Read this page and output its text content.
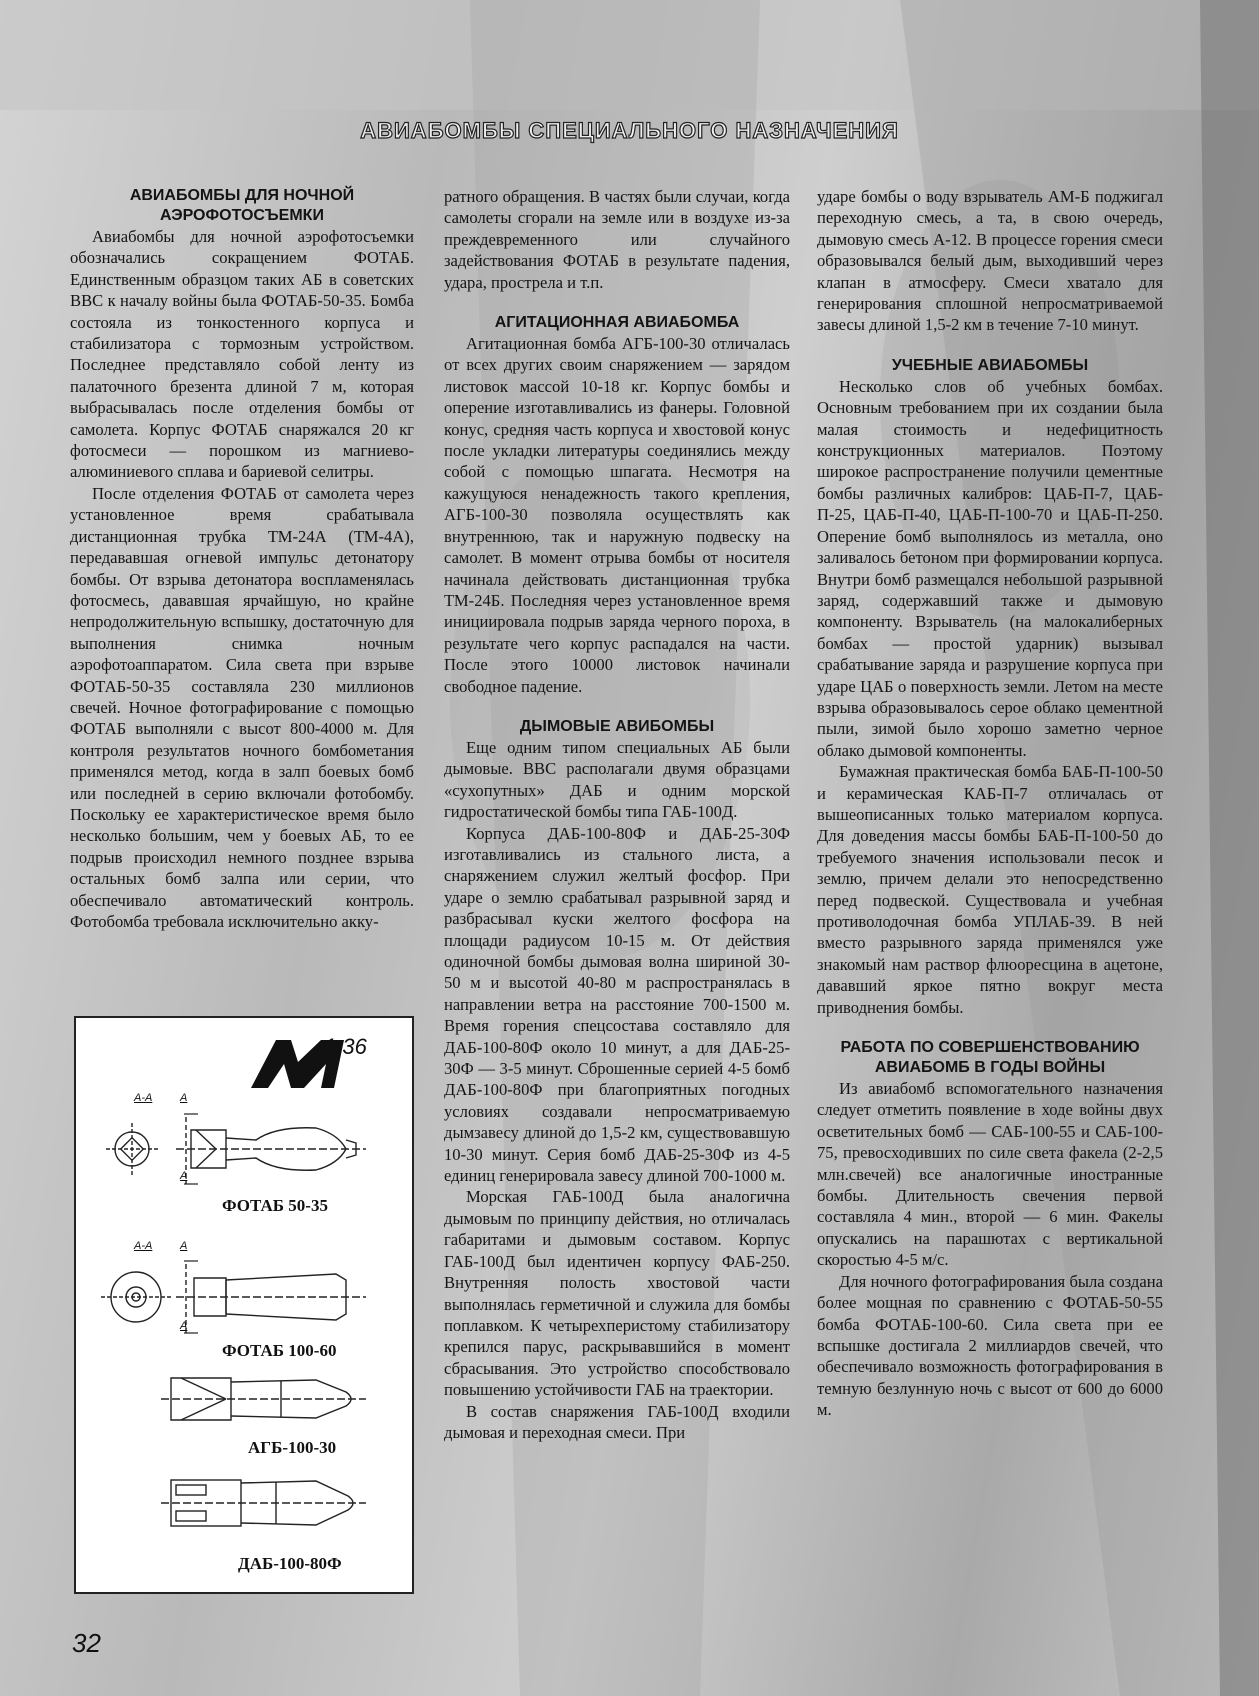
АВИАБОМБЫ СПЕЦИАЛЬНОГО НАЗНАЧЕНИЯ
АВИАБОМБЫ ДЛЯ НОЧНОЙ АЭРОФОТОСЪЕМКИ

Авиабомбы для ночной аэрофотосъемки обозначались сокращением ФОТАБ. Единственным образцом таких АБ в советских ВВС к началу войны была ФОТАБ-50-35. Бомба состояла из тонкостенного корпуса и стабилизатора с тормозным устройством. Последнее представляло собой ленту из палаточного брезента длиной 7 м, которая выбрасывалась после отделения бомбы от самолета. Корпус ФОТАБ снаряжался 20 кг фотосмеси — порошком из магниево-алюминиевого сплава и бариевой селитры.

После отделения ФОТАБ от самолета через установленное время срабатывала дистанционная трубка ТМ-24А (ТМ-4А), передававшая огневой импульс детонатору бомбы. От взрыва детонатора воспламенялась фотосмесь, дававшая ярчайшую, но крайне непродолжительную вспышку, достаточную для выполнения снимка ночным аэрофотоаппаратом. Сила света при взрыве ФОТАБ-50-35 составляла 230 миллионов свечей. Ночное фотографирование с помощью ФОТАБ выполняли с высот 800-4000 м. Для контроля результатов ночного бомбометания применялся метод, когда в залп боевых бомб или последней в серию включали фотобомбу. Поскольку ее характеристическое время было несколько большим, чем у боевых АБ, то ее подрыв происходил немного позднее взрыва остальных бомб залпа или серии, что обеспечивало автоматический контроль. Фотобомба требовала исключительно акку-

ратного обращения. В частях были случаи, когда самолеты сгорали на земле или в воздухе из-за преждевременного или случайного задействования ФОТАБ в результате падения, удара, прострела и т.п.

АГИТАЦИОННАЯ АВИАБОМБА

Агитационная бомба АГБ-100-30 отличалась от всех других своим снаряжением — зарядом листовок массой 10-18 кг. Корпус бомбы и оперение изготавливались из фанеры. Головной конус, средняя часть корпуса и хвостовой конус после укладки литературы соединялись между собой с помощью шпагата. Несмотря на кажущуюся ненадежность такого крепления, АГБ-100-30 позволяла осуществлять как внутреннюю, так и наружную подвеску на самолет. В момент отрыва бомбы от носителя начинала действовать дистанционная трубка ТМ-24Б. Последняя через установленное время инициировала подрыв заряда черного пороха, в результате чего корпус распадался на части. После этого 10000 листовок начинали свободное падение.

ДЫМОВЫЕ АВИБОМБЫ

Еще одним типом специальных АБ были дымовые. ВВС располагали двумя образцами «сухопутных» ДАБ и одним морской гидростатической бомбы типа ГАБ-100Д.

Корпуса ДАБ-100-80Ф и ДАБ-25-30Ф изготавливались из стального листа, а снаряжением служил желтый фосфор. При ударе о землю срабатывал разрывной заряд и разбрасывал куски желтого фосфора на площади радиусом 10-15 м. От действия одиночной бомбы дымовая волна шириной 30-50 м и высотой 40-80 м распространялась в направлении ветра на расстояние 700-1500 м. Время горения спецсостава составляло для ДАБ-100-80Ф около 10 минут, а для ДАБ-25-30Ф — 3-5 минут. Сброшенные серией 4-5 бомб ДАБ-100-80Ф при благоприятных погодных условиях создавали непросматриваемую дымзавесу длиной до 1,5-2 км, существовавшую 10-30 минут. Серия бомб ДАБ-25-30Ф из 4-5 единиц генерировала завесу длиной 700-1000 м.

Морская ГАБ-100Д была аналогична дымовым по принципу действия, но отличалась габаритами и дымовым составом. Корпус ГАБ-100Д был идентичен корпусу ФАБ-250. Внутренняя полость хвостовой части выполнялась герметичной и служила для бомбы поплавком. К четырехперистому стабилизатору крепился парус, раскрывавшийся в момент сбрасывания. Это устройство способствовало повышению устойчивости ГАБ на траектории.

В состав снаряжения ГАБ-100Д входили дымовая и переходная смеси. При

ударе бомбы о воду взрыватель АМ-Б поджигал переходную смесь, а та, в свою очередь, дымовую смесь А-12. В процессе горения смеси образовывался белый дым, выходивший через клапан в атмосферу. Смеси хватало для генерирования сплошной непросматриваемой завесы длиной 1,5-2 км в течение 7-10 минут.

УЧЕБНЫЕ АВИАБОМБЫ

Несколько слов об учебных бомбах. Основным требованием при их создании была малая стоимость и недефицитность конструкционных материалов. Поэтому широкое распространение получили цементные бомбы различных калибров: ЦАБ-П-7, ЦАБ-П-25, ЦАБ-П-40, ЦАБ-П-100-70 и ЦАБ-П-250. Оперение бомб выполнялось из металла, оно заливалось бетоном при формировании корпуса. Внутри бомб размещался небольшой разрывной заряд, содержавший также и дымовую компоненту. Взрыватель (на малокалиберных бомбах — простой ударник) вызывал срабатывание заряда и разрушение корпуса при ударе ЦАБ о поверхность земли. Летом на месте взрыва образовывалось серое облако цементной пыли, зимой было хорошо заметно черное облако дымовой компоненты.

Бумажная практическая бомба БАБ-П-100-50 и керамическая КАБ-П-7 отличалась от вышеописанных только материалом корпуса. Для доведения массы бомбы БАБ-П-100-50 до требуемого значения использовали песок и землю, причем делали это непосредственно перед подвеской. Существовала и учебная противолодочная бомба УПЛАБ-39. В ней вместо разрывного заряда применялся уже знакомый нам раствор флюоресцина в ацетоне, дававший яркое пятно вокруг места приводнения бомбы.

РАБОТА ПО СОВЕРШЕНСТВОВАНИЮ АВИАБОМБ В ГОДЫ ВОЙНЫ

Из авиабомб вспомогательного назначения следует отметить появление в ходе войны двух осветительных бомб — САБ-100-55 и САБ-100-75, превосходивших по силе света факела (2-2,5 млн.свечей) все аналогичные иностранные бомбы. Длительность свечения первой составляла 4 мин., второй — 6 мин. Факелы опускались на парашютах с вертикальной скоростью 4-5 м/с.

Для ночного фотографирования была создана более мощная по сравнению с ФОТАБ-50-55 бомба ФОТАБ-100-60. Сила света при ее вспышке достигала 2 миллиардов свечей, что обеспечивало возможность фотографирования в темную безлунную ночь с высот от 600 до 6000 м.

1:36
А-А	А
А
А-А	А
А
ФОТАБ 50-35
ФОТАБ 100-60
АГБ-100-30
ДАБ-100-80Ф
32
